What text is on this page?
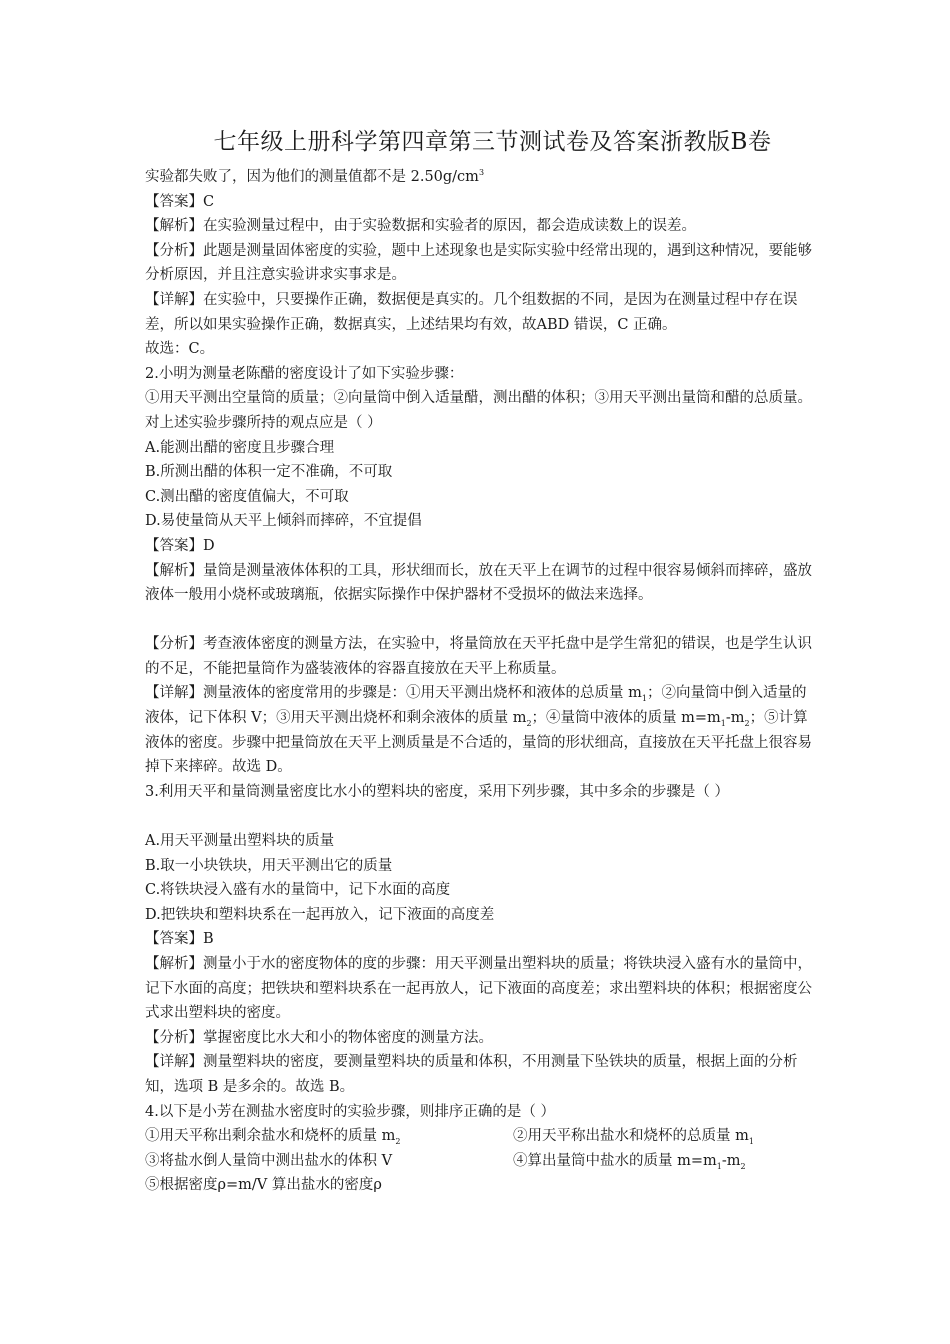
七年级上册科学第四章第三节测试卷及答案浙教版B卷

实验都失败了，因为他们的测量值都不是 $2.50g/cm^3$

【答案】C

【解析】在实验测量过程中，由于实验数据和实验者的原因，都会造成读数上的误差。

【分析】此题是测量固体密度的实验，题中上述现象也是实际实验中经常出现的，遇到这种情况，要能够分析原因，并且注意实验讲求实事求是。

【详解】在实验中，只要操作正确，数据便是真实的。几个组数据的不同，是因为在测量过程中存在误差，所以如果实验操作正确，数据真实，上述结果均有效，故ABD 错误，C 正确。

故选：C。

2.小明为测量老陈醋的密度设计了如下实验步骤：

①用天平测出空量筒的质量；②向量筒中倒入适量醋，测出醋的体积；③用天平测出量筒和醋的总质量。对上述实验步骤所持的观点应是（ ）

A.能测出醋的密度且步骤合理

B.所测出醋的体积一定不准确，不可取

C.测出醋的密度值偏大，不可取

D.易使量筒从天平上倾斜而摔碎，不宜提倡

【答案】D

【解析】量筒是测量液体体积的工具，形状细而长，放在天平上在调节的过程中很容易倾斜而摔碎，盛放液体一般用小烧杯或玻璃瓶，依据实际操作中保护器材不受损坏的做法来选择。

【分析】考查液体密度的测量方法，在实验中，将量筒放在天平托盘中是学生常犯的错误，也是学生认识的不足，不能把量筒作为盛装液体的容器直接放在天平上称质量。

【详解】测量液体的密度常用的步骤是：①用天平测出烧杯和液体的总质量 $m_1$；②向量筒中倒入适量的液体，记下体积 V；③用天平测出烧杯和剩余液体的质量 $m_2$；④量筒中液体的质量 $m=m_1-m_2$；⑤计算液体的密度。步骤中把量筒放在天平上测质量是不合适的，量筒的形状细高，直接放在天平托盘上很容易掉下来摔碎。故选 D。

3.利用天平和量筒测量密度比水小的塑料块的密度，采用下列步骤，其中多余的步骤是（ ）

A.用天平测量出塑料块的质量

B.取一小块铁块，用天平测出它的质量

C.将铁块浸入盛有水的量筒中，记下水面的高度

D.把铁块和塑料块系在一起再放入，记下液面的高度差

【答案】B

【解析】测量小于水的密度物体的度的步骤：用天平测量出塑料块的质量；将铁块浸入盛有水的量筒中，记下水面的高度；把铁块和塑料块系在一起再放人，记下液面的高度差；求出塑料块的体积；根据密度公式求出塑料块的密度。

【分析】掌握密度比水大和小的物体密度的测量方法。

【详解】测量塑料块的密度，要测量塑料块的质量和体积，不用测量下坠铁块的质量，根据上面的分析知，选项 B 是多余的。故选 B。

4.以下是小芳在测盐水密度时的实验步骤，则排序正确的是（ ）

①用天平称出剩余盐水和烧杯的质量 $m_2$	②用天平称出盐水和烧杯的总质量 $m_1$
③将盐水倒人量筒中测出盐水的体积 V	④算出量筒中盐水的质量 $m=m_1-m_2$

⑤根据密度ρ=m/V 算出盐水的密度ρ
